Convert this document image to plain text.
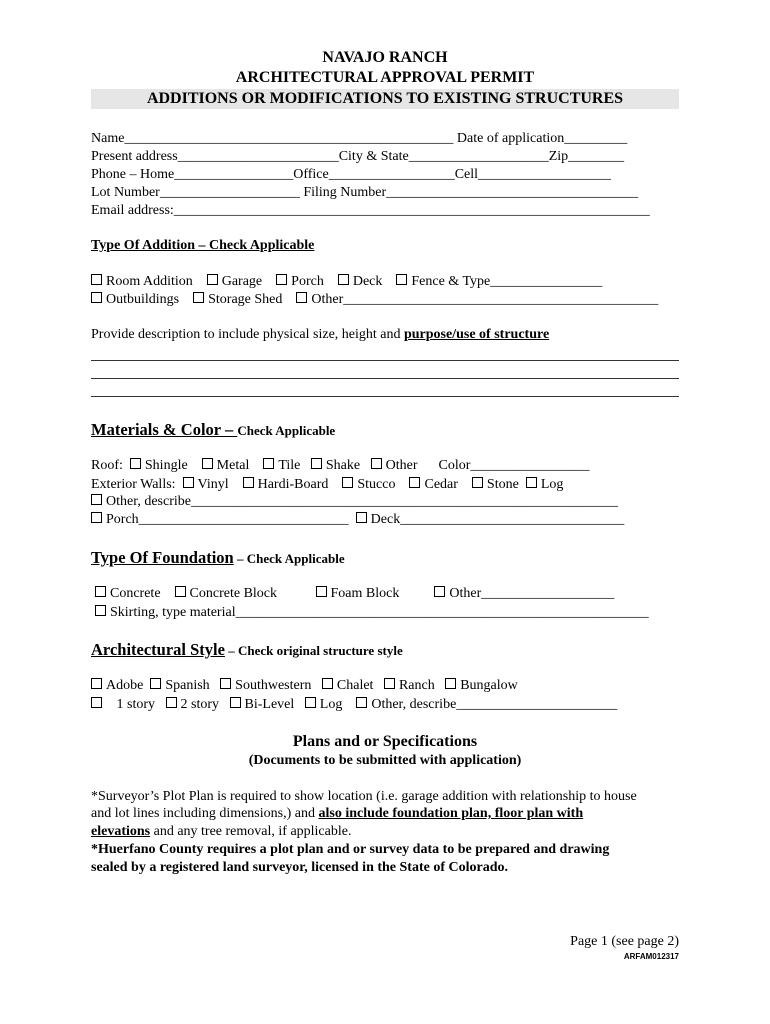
NAVAJO RANCH
ARCHITECTURAL APPROVAL PERMIT
ADDITIONS OR MODIFICATIONS TO EXISTING STRUCTURES
Name_______________________________________________ Date of application_________
Present address_______________________City & State____________________Zip________
Phone – Home_________________Office__________________Cell___________________
Lot Number____________________ Filing Number____________________________________
Email address:____________________________________________________________________
Type Of Addition – Check Applicable
Room Addition Garage Porch Deck Fence & Type________________
Outbuildings Storage Shed Other_____________________________________________
Provide description to include physical size, height and purpose/use of structure
Materials & Color – Check Applicable
Roof: Shingle Metal Tile Shake Other Color_________________
Exterior Walls: Vinyl Hardi-Board Stucco Cedar Stone Log
Other, describe_____________________________________________________________
Porch______________________________ Deck________________________________
Type Of Foundation – Check Applicable
Concrete Concrete Block	Foam Block	Other___________________
Skirting, type material___________________________________________________________
Architectural Style – Check original structure style
Adobe Spanish Southwestern Chalet Ranch Bungalow
1 story 2 story Bi-Level Log Other, describe_______________________
Plans and or Specifications
(Documents to be submitted with application)
*Surveyor’s Plot Plan is required to show location (i.e. garage addition with relationship to house
and lot lines including dimensions,) and also include foundation plan, floor plan with
elevations and any tree removal, if applicable.
*Huerfano County requires a plot plan and or survey data to be prepared and drawing
sealed by a registered land surveyor, licensed in the State of Colorado.
Page 1 (see page 2)
ARFAM012317
